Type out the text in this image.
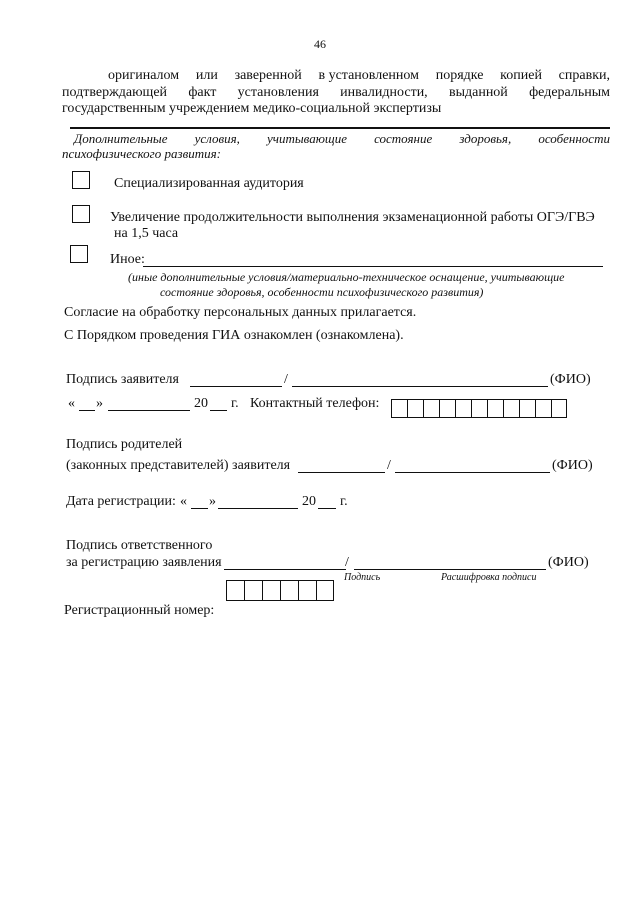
46
оригиналом или заверенной в установленном порядке копией справки,
подтверждающей факт установления инвалидности, выданной федеральным
государственным учреждением медико-социальной экспертизы
Дополнительные условия, учитывающие состояние здоровья, особенности
психофизического развития:
Специализированная аудитория
Увеличение продолжительности выполнения экзаменационной работы ОГЭ/ГВЭ
на 1,5 часа
Иное:
(иные дополнительные условия/материально-техническое оснащение, учитывающие
состояние здоровья, особенности психофизического развития)
Согласие на обработку персональных данных прилагается.
С Порядком проведения ГИА ознакомлен (ознакомлена).
Подпись заявителя	/	(ФИО)
« »	20 г. Контактный телефон:
Подпись родителей
(законных представителей) заявителя	/	(ФИО)
Дата регистрации: « »	20 г.
Подпись ответственного
за регистрацию заявления	/	(ФИО)
Подпись	Расшифровка подписи
Регистрационный номер:
